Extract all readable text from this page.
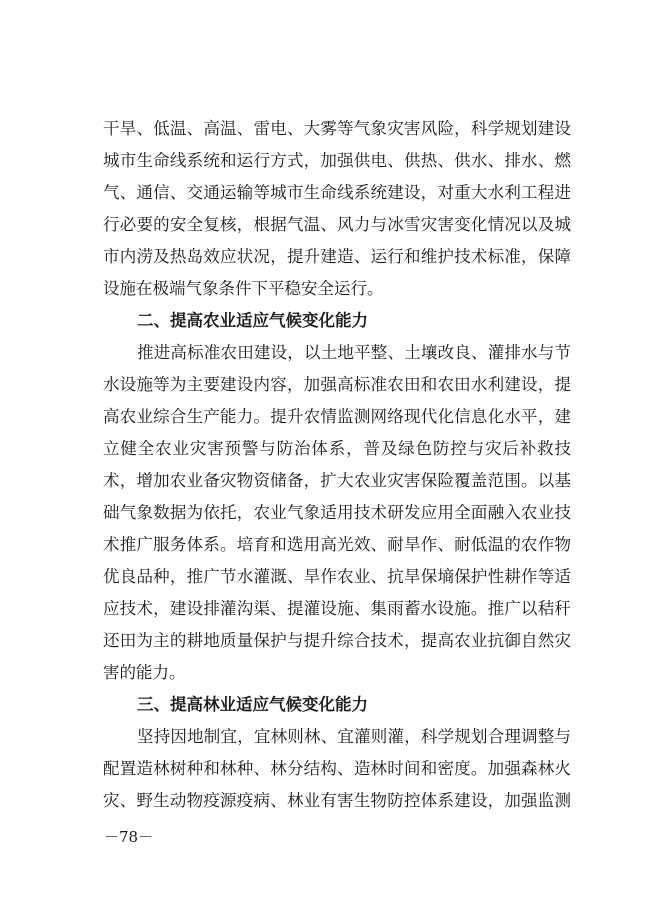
干旱、低温、高温、雷电、大雾等气象灾害风险，科学规划建设

城市生命线系统和运行方式，加强供电、供热、供水、排水、燃

气、通信、交通运输等城市生命线系统建设，对重大水利工程进

行必要的安全复核，根据气温、风力与冰雪灾害变化情况以及城

市内涝及热岛效应状况，提升建造、运行和维护技术标准，保障

设施在极端气象条件下平稳安全运行。

二、提高农业适应气候变化能力

推进高标准农田建设，以土地平整、土壤改良、灌排水与节

水设施等为主要建设内容，加强高标准农田和农田水利建设，提

高农业综合生产能力。提升农情监测网络现代化信息化水平，建

立健全农业灾害预警与防治体系，普及绿色防控与灾后补救技

术，增加农业备灾物资储备，扩大农业灾害保险覆盖范围。以基

础气象数据为依托，农业气象适用技术研发应用全面融入农业技

术推广服务体系。培育和选用高光效、耐旱作、耐低温的农作物

优良品种，推广节水灌溉、旱作农业、抗旱保墒保护性耕作等适

应技术，建设排灌沟渠、提灌设施、集雨蓄水设施。推广以秸秆

还田为主的耕地质量保护与提升综合技术，提高农业抗御自然灾

害的能力。

三、提高林业适应气候变化能力

坚持因地制宜，宜林则林、宜灌则灌，科学规划合理调整与

配置造林树种和林种、林分结构、造林时间和密度。加强森林火

灾、野生动物疫源疫病、林业有害生物防控体系建设，加强监测

－78－
